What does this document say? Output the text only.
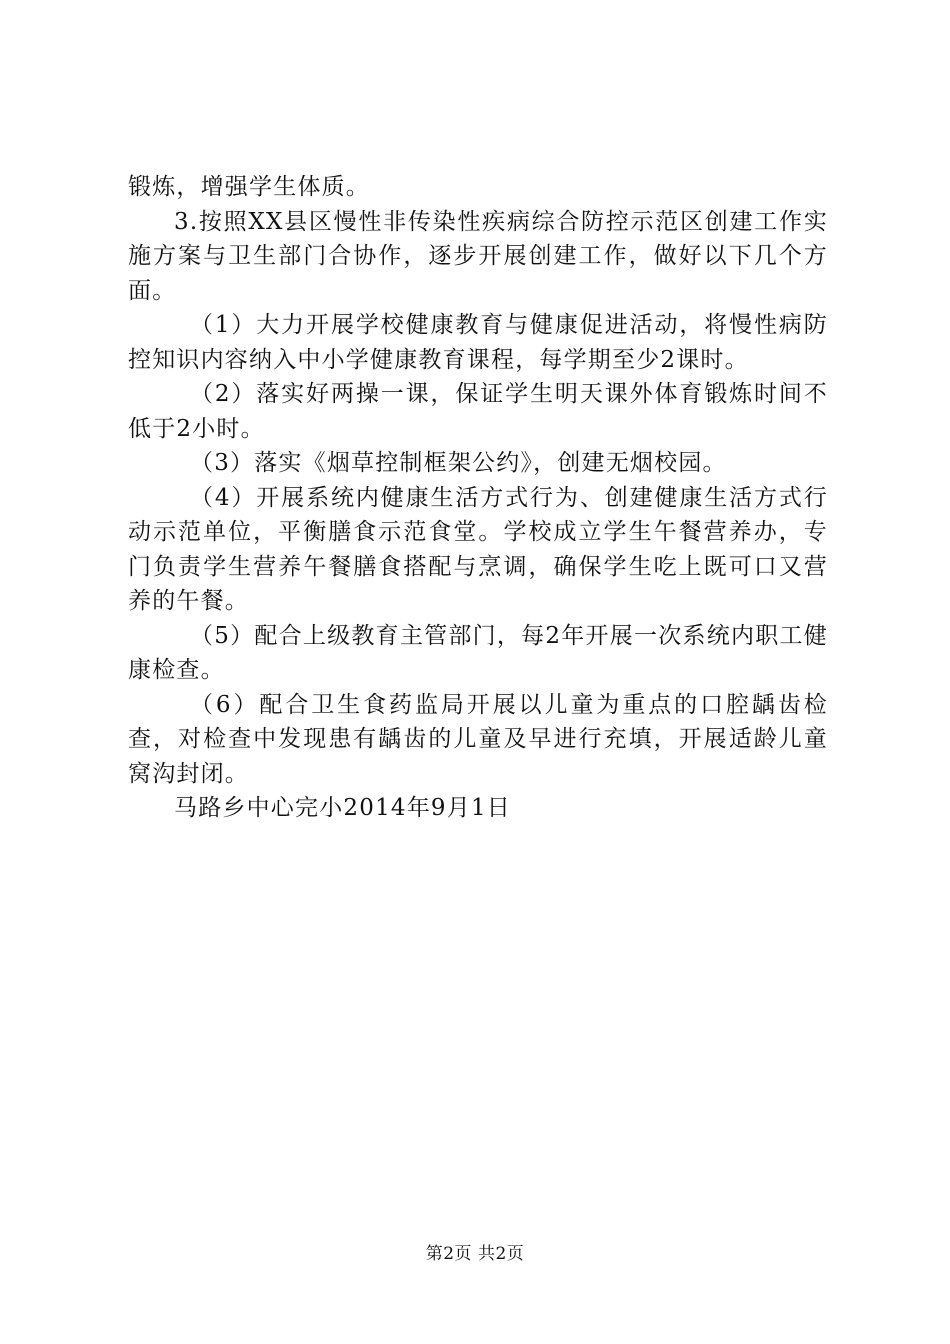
锻炼，增强学生体质。

3.按照XX县区慢性非传染性疾病综合防控示范区创建工作实施方案与卫生部门合协作，逐步开展创建工作，做好以下几个方面。

（1）大力开展学校健康教育与健康促进活动，将慢性病防控知识内容纳入中小学健康教育课程，每学期至少2课时。

（2）落实好两操一课，保证学生明天课外体育锻炼时间不低于2小时。

（3）落实《烟草控制框架公约》，创建无烟校园。

（4）开展系统内健康生活方式行为、创建健康生活方式行动示范单位，平衡膳食示范食堂。学校成立学生午餐营养办，专门负责学生营养午餐膳食搭配与烹调，确保学生吃上既可口又营养的午餐。

（5）配合上级教育主管部门，每2年开展一次系统内职工健康检查。

（6）配合卫生食药监局开展以儿童为重点的口腔龋齿检查，对检查中发现患有龋齿的儿童及早进行充填，开展适龄儿童窝沟封闭。

马路乡中心完小2014年9月1日

第2页 共2页
